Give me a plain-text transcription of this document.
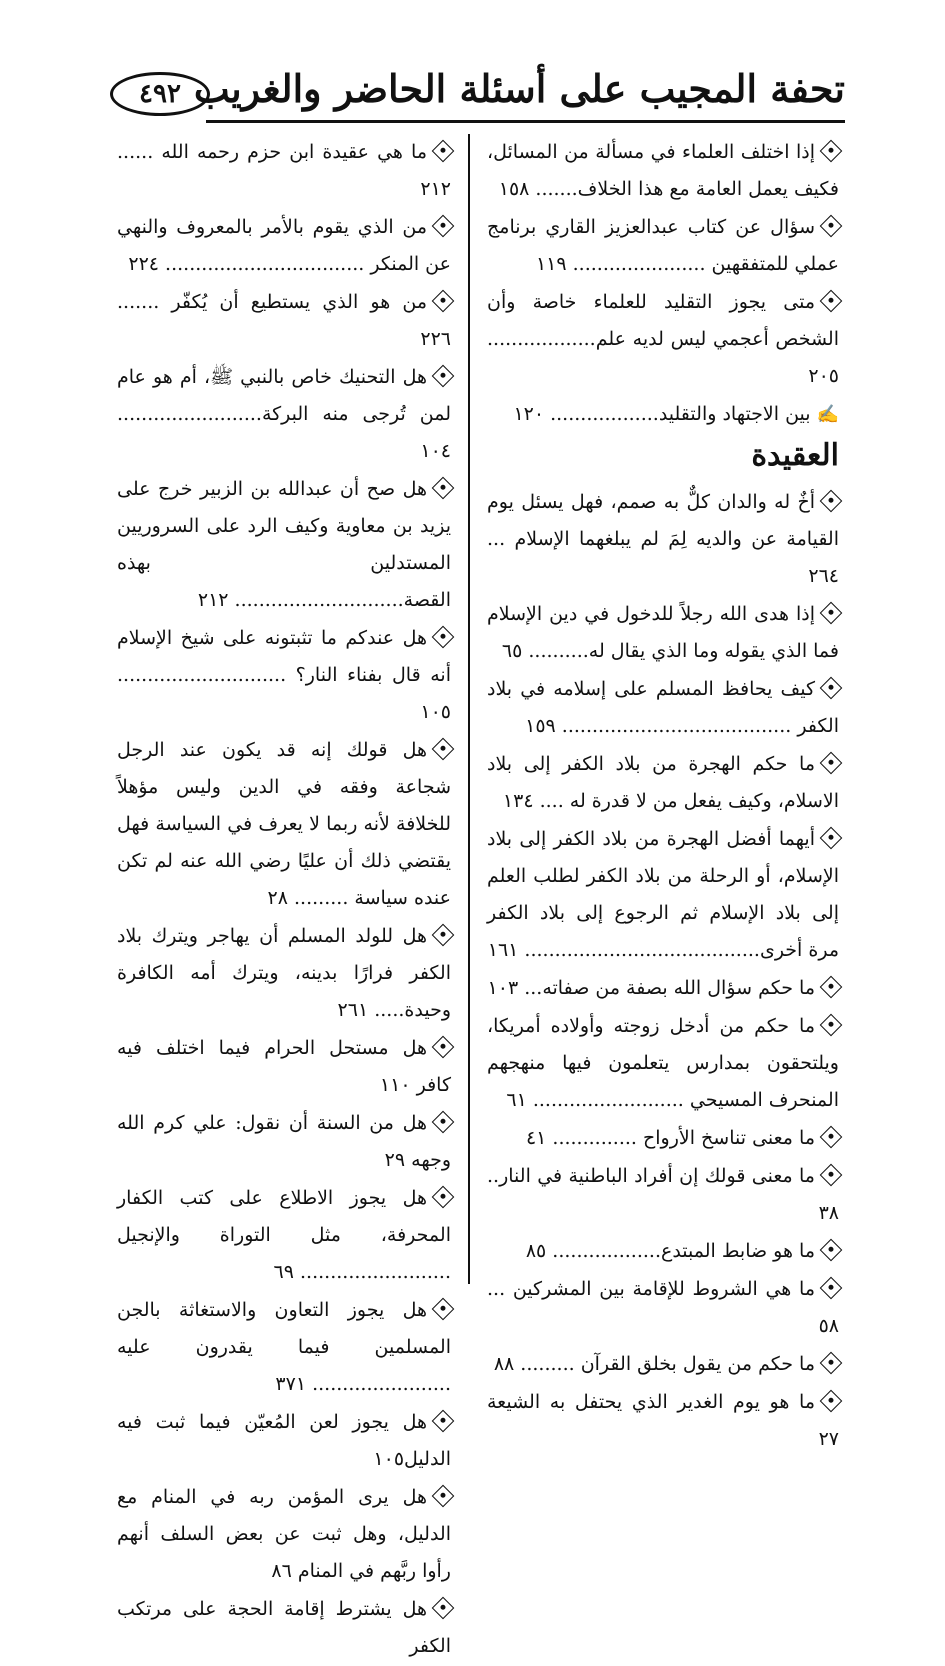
٤٩٢ تحفة المجيب على أسئلة الحاضر والغريب
إذا اختلف العلماء في مسألة من المسائل، فكيف يعمل العامة مع هذا الخلاف....... ١٥٨
سؤال عن كتاب عبدالعزيز القاري برنامج عملي للمتفقهين ...................... ١١٩
متى يجوز التقليد للعلماء خاصة وأن الشخص أعجمي ليس لديه علم.................. ٢٠٥
✍بين الاجتهاد والتقليد.................. ١٢٠
العقيدة
أخٌ له والدان كلٌّ به صمم، فهل يسئل يوم القيامة عن والديه لِمَ لم يبلغهما الإسلام ... ٢٦٤
إذا هدى الله رجلاً للدخول في دين الإسلام فما الذي يقوله وما الذي يقال له.......... ٦٥
كيف يحافظ المسلم على إسلامه في بلاد الكفر ...................................... ١٥٩
ما حكم الهجرة من بلاد الكفر إلى بلاد الاسلام، وكيف يفعل من لا قدرة له .... ١٣٤
أيهما أفضل الهجرة من بلاد الكفر إلى بلاد الإسلام، أو الرحلة من بلاد الكفر لطلب العلم إلى بلاد الإسلام ثم الرجوع إلى بلاد الكفر مرة أخرى....................................... ١٦١
ما حكم سؤال الله بصفة من صفاته... ١٠٣
ما حكم من أدخل زوجته وأولاده أمريكا، ويلتحقون بمدارس يتعلمون فيها منهجهم المنحرف المسيحي ......................... ٦١
ما معنى تناسخ الأرواح .............. ٤١
ما معنى قولك إن أفراد الباطنية في النار.. ٣٨
ما هو ضابط المبتدع.................. ٨٥
ما هي الشروط للإقامة بين المشركين ... ٥٨
ما حكم من يقول بخلق القرآن ......... ٨٨
ما هو يوم الغدير الذي يحتفل به الشيعة ٢٧
ما هي عقيدة ابن حزم رحمه الله ...... ٢١٢
من الذي يقوم بالأمر بالمعروف والنهي عن المنكر ................................. ٢٢٤
من هو الذي يستطيع أن يُكفّر ....... ٢٢٦
هل التحنيك خاص بالنبي ﷺ، أم هو عام لمن تُرجى منه البركة........................ ١٠٤
هل صح أن عبدالله بن الزبير خرج على يزيد بن معاوية وكيف الرد على السروريين المستدلين بهذه القصة............................ ٢١٢
هل عندكم ما تثبتونه على شيخ الإسلام أنه قال بفناء النار؟ ............................ ١٠٥
هل قولك إنه قد يكون عند الرجل شجاعة وفقه في الدين وليس مؤهلاً للخلافة لأنه ربما لا يعرف في السياسة فهل يقتضي ذلك أن عليًا رضي الله عنه لم تكن عنده سياسة ......... ٢٨
هل للولد المسلم أن يهاجر ويترك بلاد الكفر فرارًا بدينه، ويترك أمه الكافرة وحيدة..... ٢٦١
هل مستحل الحرام فيما اختلف فيه كافر ١١٠
هل من السنة أن نقول: علي كرم الله وجهه ٢٩
هل يجوز الاطلاع على كتب الكفار المحرفة، مثل التوراة والإنجيل ......................... ٦٩
هل يجوز التعاون والاستغاثة بالجن المسلمين فيما يقدرون عليه ....................... ٣٧١
هل يجوز لعن المُعيّن فيما ثبت فيه الدليل١٠٥
هل يرى المؤمن ربه في المنام مع الدليل، وهل ثبت عن بعض السلف أنهم رأوا ربَّهم في المنام ٨٦
هل يشترط إقامة الحجة على مرتكب الكفر
